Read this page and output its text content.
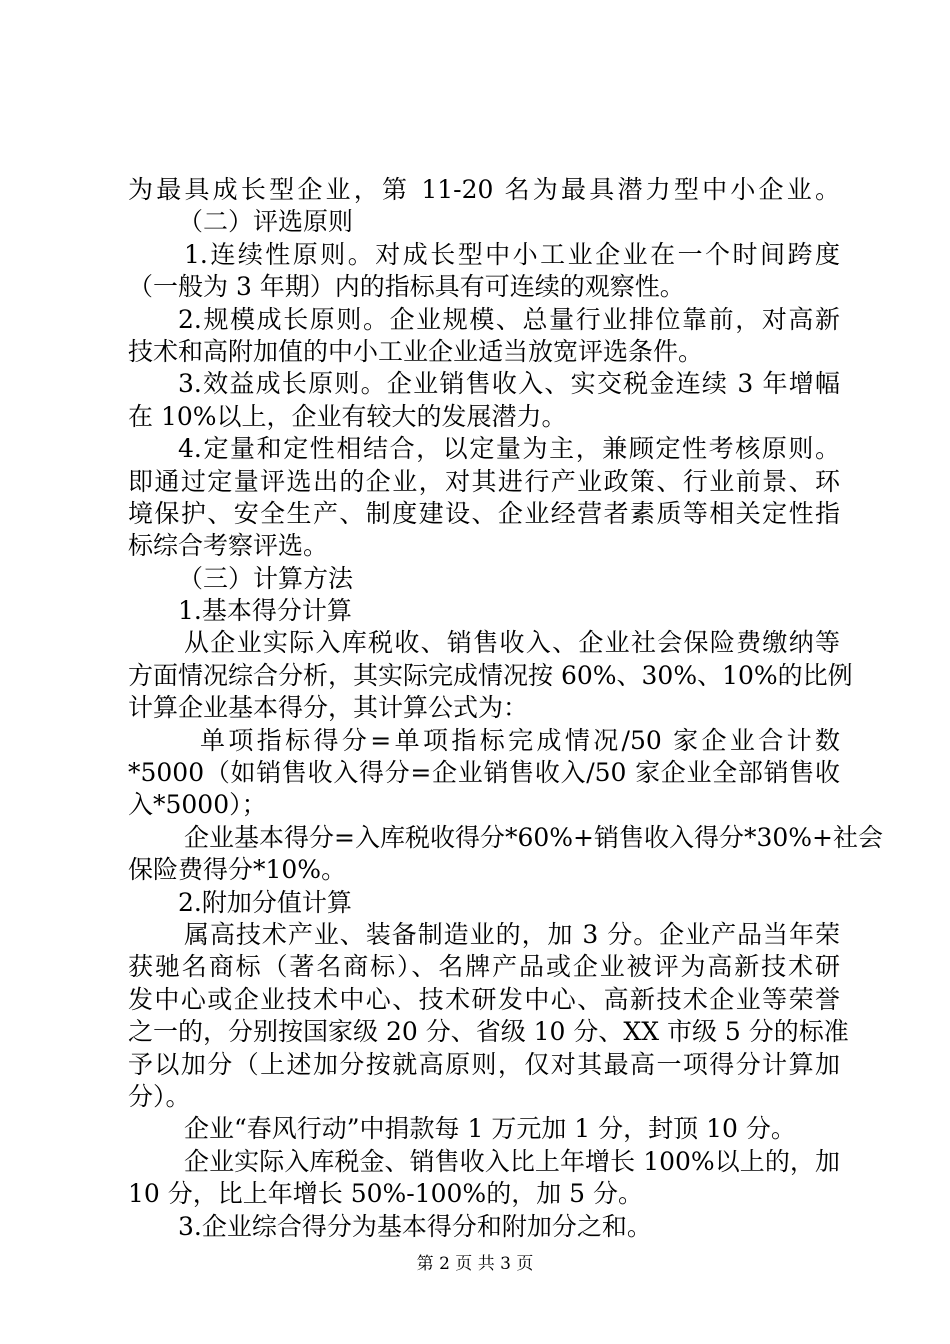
为最具成长型企业，第 11-20 名为最具潜力型中小企业。
（二）评选原则
1.连续性原则。对成长型中小工业企业在一个时间跨度
（一般为 3 年期）内的指标具有可连续的观察性。
2.规模成长原则。企业规模、总量行业排位靠前，对高新
技术和高附加值的中小工业企业适当放宽评选条件。
3.效益成长原则。企业销售收入、实交税金连续 3 年增幅
在 10%以上，企业有较大的发展潜力。
4.定量和定性相结合，以定量为主，兼顾定性考核原则。
即通过定量评选出的企业，对其进行产业政策、行业前景、环
境保护、安全生产、制度建设、企业经营者素质等相关定性指
标综合考察评选。
（三）计算方法
1.基本得分计算
从企业实际入库税收、销售收入、企业社会保险费缴纳等
方面情况综合分析，其实际完成情况按 60%、30%、10%的比例
计算企业基本得分，其计算公式为：
单项指标得分=单项指标完成情况/50 家企业合计数
*5000（如销售收入得分=企业销售收入/50 家企业全部销售收
入*5000）；
企业基本得分=入库税收得分*60%+销售收入得分*30%+社会
保险费得分*10%。
2.附加分值计算
属高技术产业、装备制造业的，加 3 分。企业产品当年荣
获驰名商标（著名商标）、名牌产品或企业被评为高新技术研
发中心或企业技术中心、技术研发中心、高新技术企业等荣誉
之一的，分别按国家级 20 分、省级 10 分、XX 市级 5 分的标准
予以加分（上述加分按就高原则，仅对其最高一项得分计算加
分）。
企业“春风行动”中捐款每 1 万元加 1 分，封顶 10 分。
企业实际入库税金、销售收入比上年增长 100%以上的，加
10 分，比上年增长 50%-100%的，加 5 分。
3.企业综合得分为基本得分和附加分之和。
第 2 页 共 3 页
